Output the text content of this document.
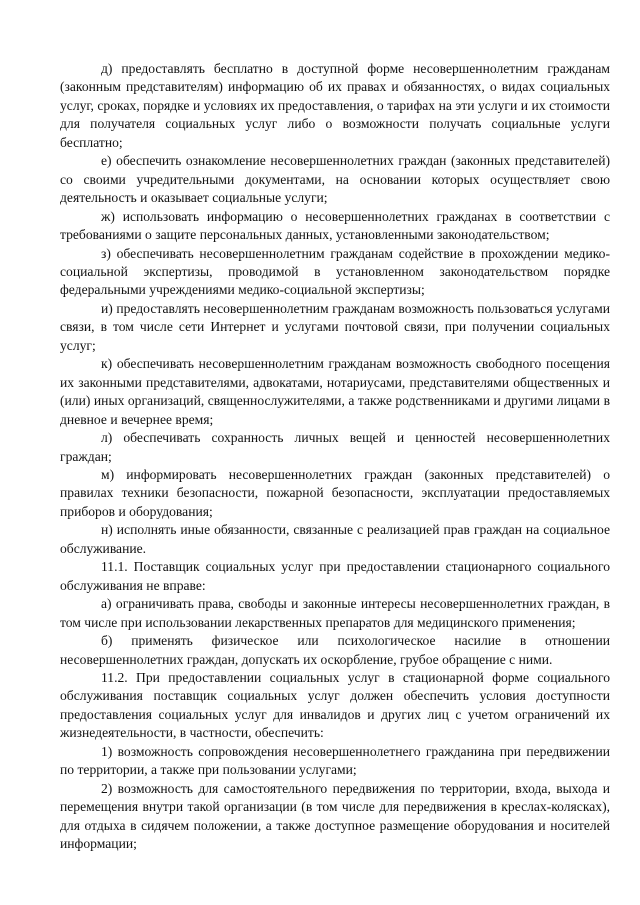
д) предоставлять бесплатно в доступной форме несовершеннолетним гражданам (законным представителям) информацию об их правах и обязанностях, о видах социальных услуг, сроках, порядке и условиях их предоставления, о тарифах на эти услуги и их стоимости для получателя социальных услуг либо о возможности получать социальные услуги бесплатно;

е) обеспечить ознакомление несовершеннолетних граждан (законных представителей) со своими учредительными документами, на основании которых осуществляет свою деятельность и оказывает социальные услуги;

ж) использовать информацию о несовершеннолетних гражданах в соответствии с требованиями о защите персональных данных, установленными законодательством;

з) обеспечивать несовершеннолетним гражданам содействие в прохождении медико-социальной экспертизы, проводимой в установленном законодательством порядке федеральными учреждениями медико-социальной экспертизы;

и) предоставлять несовершеннолетним гражданам возможность пользоваться услугами связи, в том числе сети Интернет и услугами почтовой связи, при получении социальных услуг;

к) обеспечивать несовершеннолетним гражданам возможность свободного посещения их законными представителями, адвокатами, нотариусами, представителями общественных и (или) иных организаций, священнослужителями, а также родственниками и другими лицами в дневное и вечернее время;

л) обеспечивать сохранность личных вещей и ценностей несовершеннолетних граждан;

м) информировать несовершеннолетних граждан (законных представителей) о правилах техники безопасности, пожарной безопасности, эксплуатации предоставляемых приборов и оборудования;

н) исполнять иные обязанности, связанные с реализацией прав граждан на социальное обслуживание.

11.1. Поставщик социальных услуг при предоставлении стационарного социального обслуживания не вправе:

а) ограничивать права, свободы и законные интересы несовершеннолетних граждан, в том числе при использовании лекарственных препаратов для медицинского применения;

б) применять физическое или психологическое насилие в отношении несовершеннолетних граждан, допускать их оскорбление, грубое обращение с ними.

11.2. При предоставлении социальных услуг в стационарной форме социального обслуживания поставщик социальных услуг должен обеспечить условия доступности предоставления социальных услуг для инвалидов и других лиц с учетом ограничений их жизнедеятельности, в частности, обеспечить:

1) возможность сопровождения несовершеннолетнего гражданина при передвижении по территории, а также при пользовании услугами;

2) возможность для самостоятельного передвижения по территории, входа, выхода и перемещения внутри такой организации (в том числе для передвижения в креслах-колясках), для отдыха в сидячем положении, а также доступное размещение оборудования и носителей информации;
